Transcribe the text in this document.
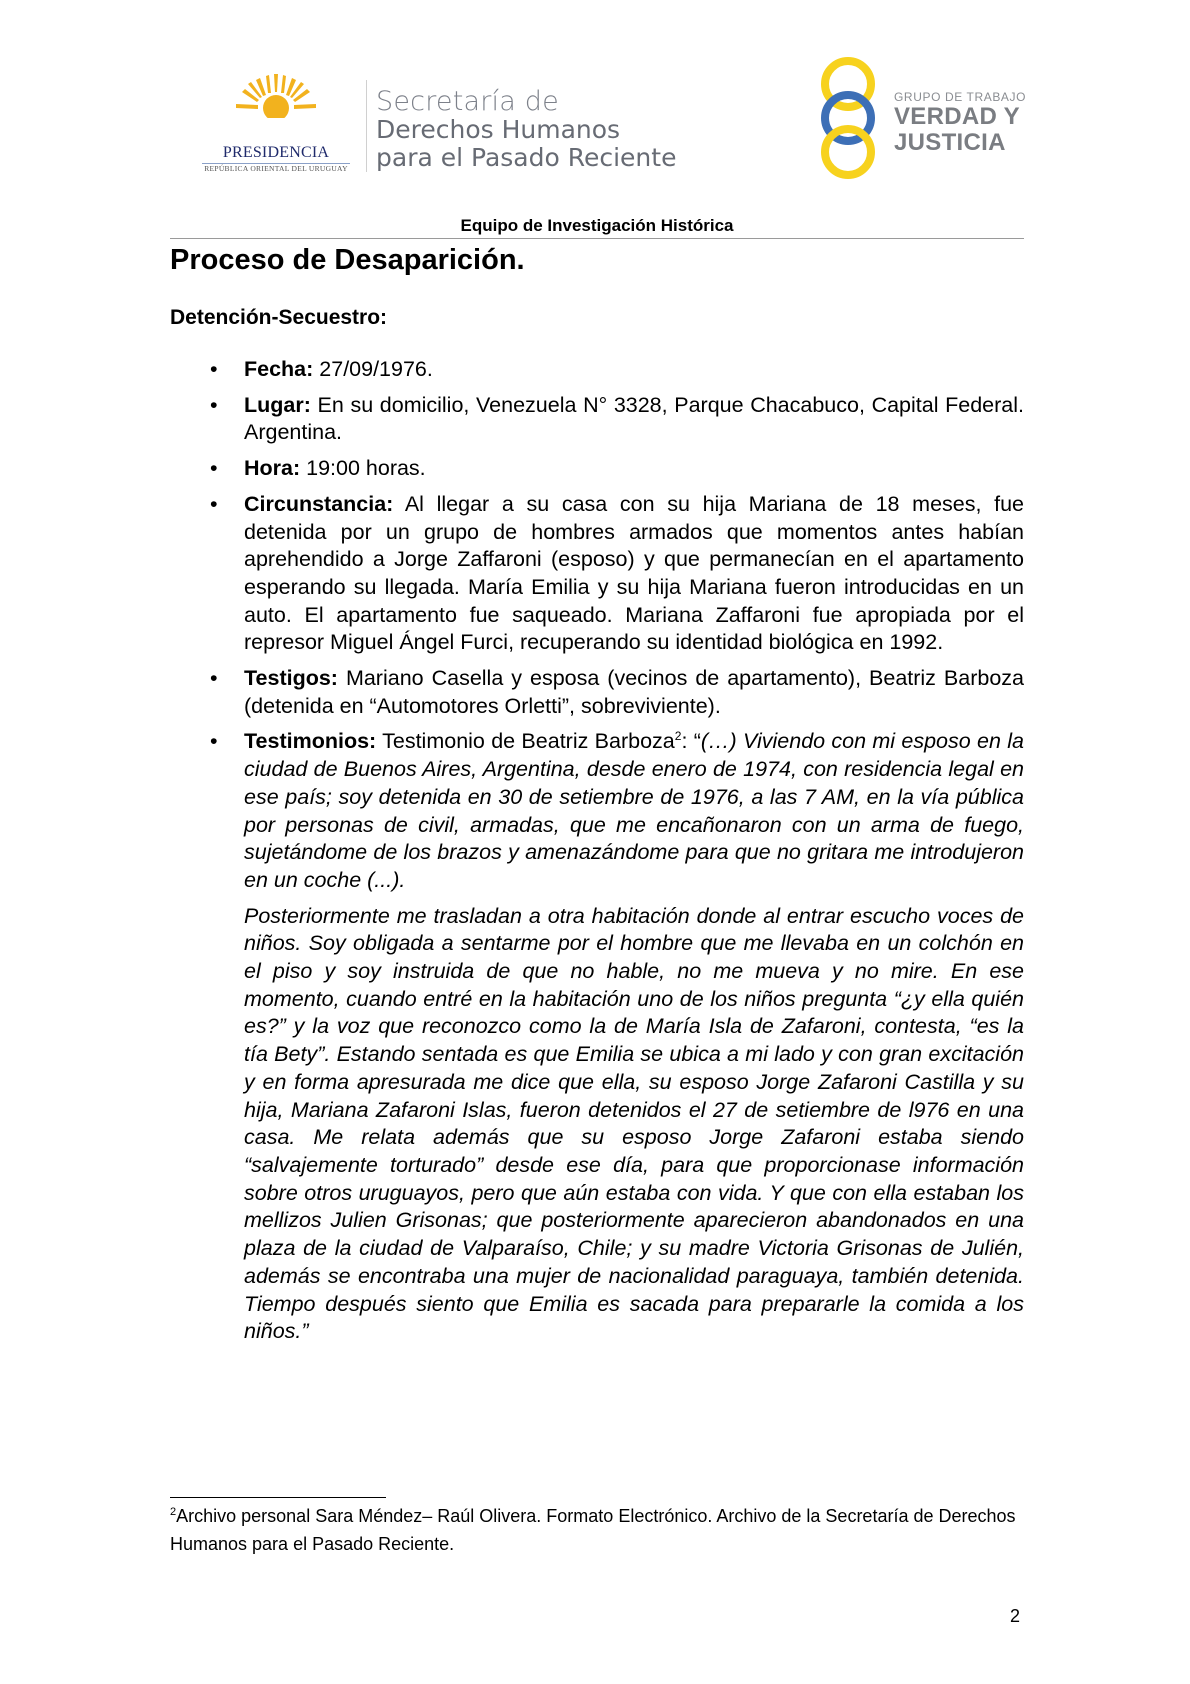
PRESIDENCIA
REPÚBLICA ORIENTAL DEL URUGUAY
Secretaría de
Derechos Humanos
para el Pasado Reciente
GRUPO DE TRABAJO
VERDAD Y
JUSTICIA
Equipo de Investigación Histórica
Proceso de Desaparición.
Detención-Secuestro:
• Fecha: 27/09/1976.
• Lugar: En su domicilio, Venezuela N° 3328, Parque Chacabuco, Capital Federal. Argentina.
• Hora: 19:00 horas.
• Circunstancia: Al llegar a su casa con su hija Mariana de 18 meses, fue detenida por un grupo de hombres armados que momentos antes habían aprehendido a Jorge Zaffaroni (esposo) y que permanecían en el apartamento esperando su llegada. María Emilia y su hija Mariana fueron introducidas en un auto. El apartamento fue saqueado. Mariana Zaffaroni fue apropiada por el represor Miguel Ángel Furci, recuperando su identidad biológica en 1992.
• Testigos: Mariano Casella y esposa (vecinos de apartamento), Beatriz Barboza (detenida en “Automotores Orletti”, sobreviviente).
• Testimonios: Testimonio de Beatriz Barboza$^2$: “(…) Viviendo con mi esposo en la ciudad de Buenos Aires, Argentina, desde enero de 1974, con residencia legal en ese país; soy detenida en 30 de setiembre de 1976, a las 7 AM, en la vía pública por personas de civil, armadas, que me encañonaron con un arma de fuego, sujetándome de los brazos y amenazándome para que no gritara me introdujeron en un coche (...).
Posteriormente me trasladan a otra habitación donde al entrar escucho voces de niños. Soy obligada a sentarme por el hombre que me llevaba en un colchón en el piso y soy instruida de que no hable, no me mueva y no mire. En ese momento, cuando entré en la habitación uno de los niños pregunta “¿y ella quién es?” y la voz que reconozco como la de María Isla de Zafaroni, contesta, “es la tía Bety”. Estando sentada es que Emilia se ubica a mi lado y con gran excitación y en forma apresurada me dice que ella, su esposo Jorge Zafaroni Castilla y su hija, Mariana Zafaroni Islas, fueron detenidos el 27 de setiembre de l976 en una casa. Me relata además que su esposo Jorge Zafaroni estaba siendo “salvajemente torturado” desde ese día, para que proporcionase información sobre otros uruguayos, pero que aún estaba con vida. Y que con ella estaban los mellizos Julien Grisonas; que posteriormente aparecieron abandonados en una plaza de la ciudad de Valparaíso, Chile; y su madre Victoria Grisonas de Julién, además se encontraba una mujer de nacionalidad paraguaya, también detenida. Tiempo después siento que Emilia es sacada para prepararle la comida a los niños.”
$^2$Archivo personal Sara Méndez– Raúl Olivera. Formato Electrónico. Archivo de la Secretaría de Derechos Humanos para el Pasado Reciente.
2
